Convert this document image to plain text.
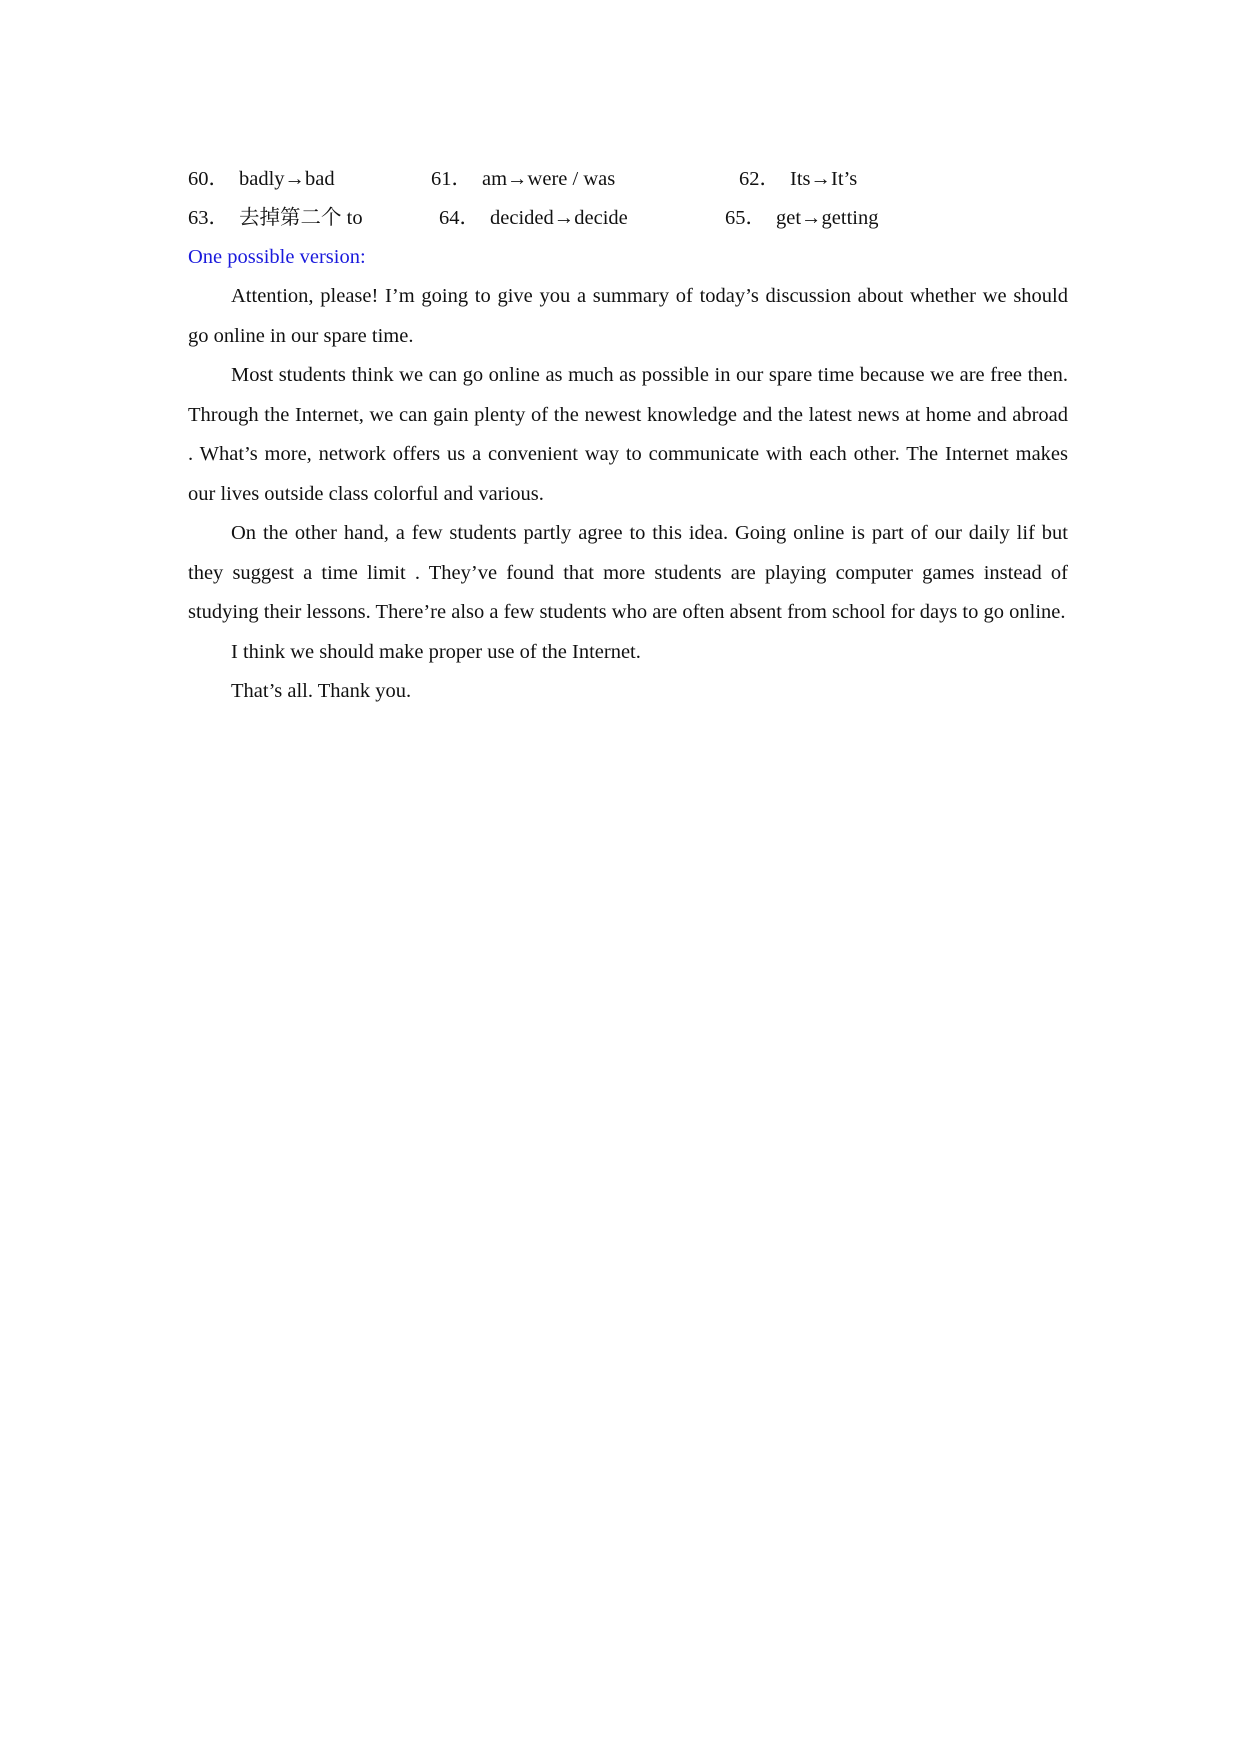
60． badly→bad	61． am→were / was	62． Its→It’s
63． 去掉第二个 to	64． decided→decide	65． get→getting
One possible version:

Attention, please! I’m going to give you a summary of today’s discussion about whether we should go online in our spare time.

Most students think we can go online as much as possible in our spare time because we are free then. Through the Internet, we can gain plenty of the newest knowledge and the latest news at home and abroad . What’s more, network offers us a convenient way to communicate with each other. The Internet makes our lives outside class colorful and various.

On the other hand, a few students partly agree to this idea. Going online is part of our daily lif but they suggest a time limit . They’ve found that more students are playing computer games instead of studying their lessons. There’re also a few students who are often absent from school for days to go online.

I think we should make proper use of the Internet.

That’s all. Thank you.
